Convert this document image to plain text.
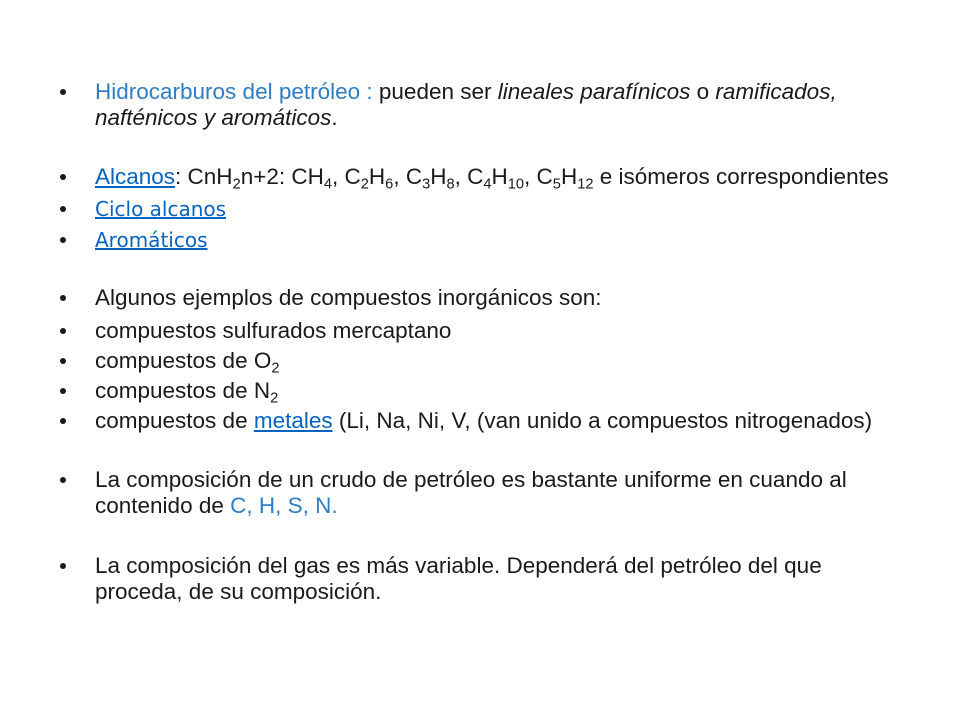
Hidrocarburos del petróleo : pueden ser lineales parafínicos o ramificados,
nafténicos y aromáticos.
Alcanos: CnH$_2$n+2: $CH_4$, $C_2H_6$, $C_3H_8$, $C_4H_{10}$, $C_5H_{12}$ e isómeros correspondientes
Ciclo alcanos
Aromáticos
Algunos ejemplos de compuestos inorgánicos son:
compuestos sulfurados mercaptano
compuestos de $O_2$
compuestos de $N_2$
compuestos de metales (Li, Na, Ni, V, (van unido a compuestos nitrogenados)
La composición de un crudo de petróleo es bastante uniforme en cuando al
contenido de C, H, S, N.
La composición del gas es más variable. Dependerá del petróleo del que
proceda, de su composición.
